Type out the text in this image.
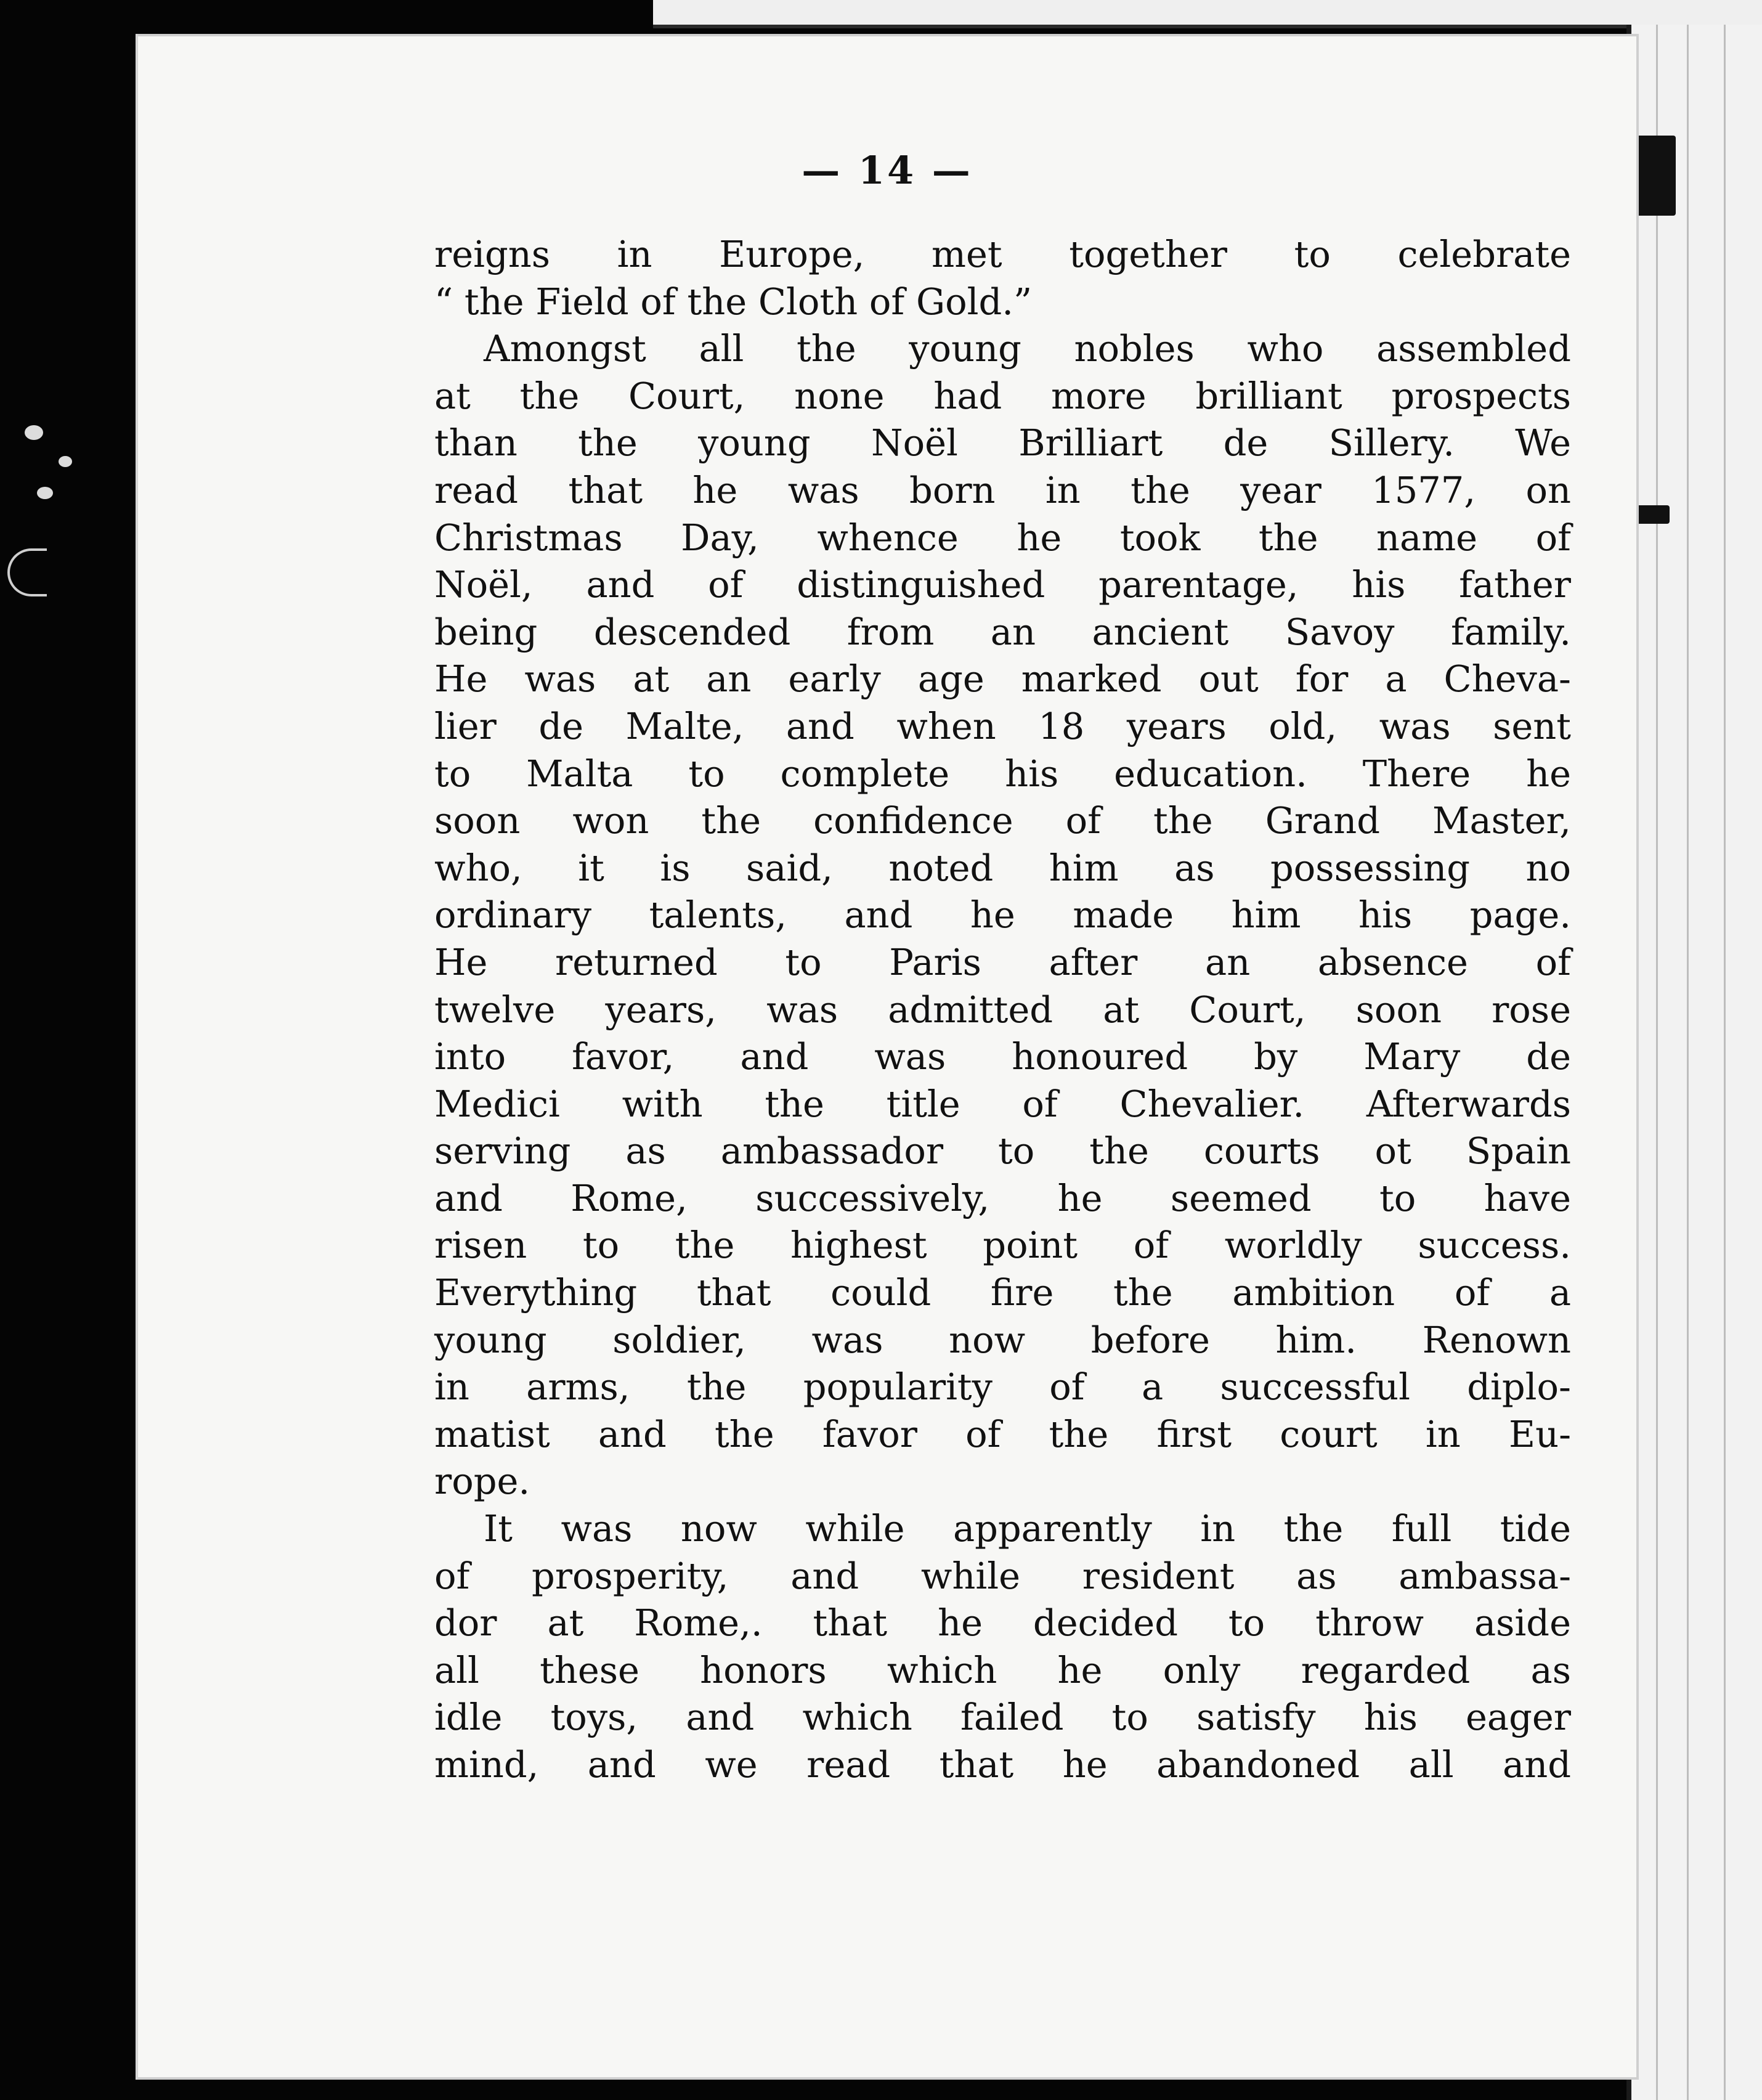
— 14 —
reigns in Europe, met together to celebrate
“ the Field of the Cloth of Gold.”
Amongst all the young nobles who assembled
at the Court, none had more brilliant prospects
than the young Noël Brilliart de Sillery. We
read that he was born in the year 1577, on
Christmas Day, whence he took the name of
Noël, and of distinguished parentage, his father
being descended from an ancient Savoy family.
He was at an early age marked out for a Cheva-
lier de Malte, and when 18 years old, was sent
to Malta to complete his education. There he
soon won the confidence of the Grand Master,
who, it is said, noted him as possessing no
ordinary talents, and he made him his page.
He returned to Paris after an absence of
twelve years, was admitted at Court, soon rose
into favor, and was honoured by Mary de
Medici with the title of Chevalier. Afterwards
serving as ambassador to the courts ot Spain
and Rome, successively, he seemed to have
risen to the highest point of worldly success.
Everything that could fire the ambition of a
young soldier, was now before him. Renown
in arms, the popularity of a successful diplo-
matist and the favor of the first court in Eu-
rope.
It was now while apparently in the full tide
of prosperity, and while resident as ambassa-
dor at Rome,. that he decided to throw aside
all these honors which he only regarded as
idle toys, and which failed to satisfy his eager
mind, and we read that he abandoned all and
